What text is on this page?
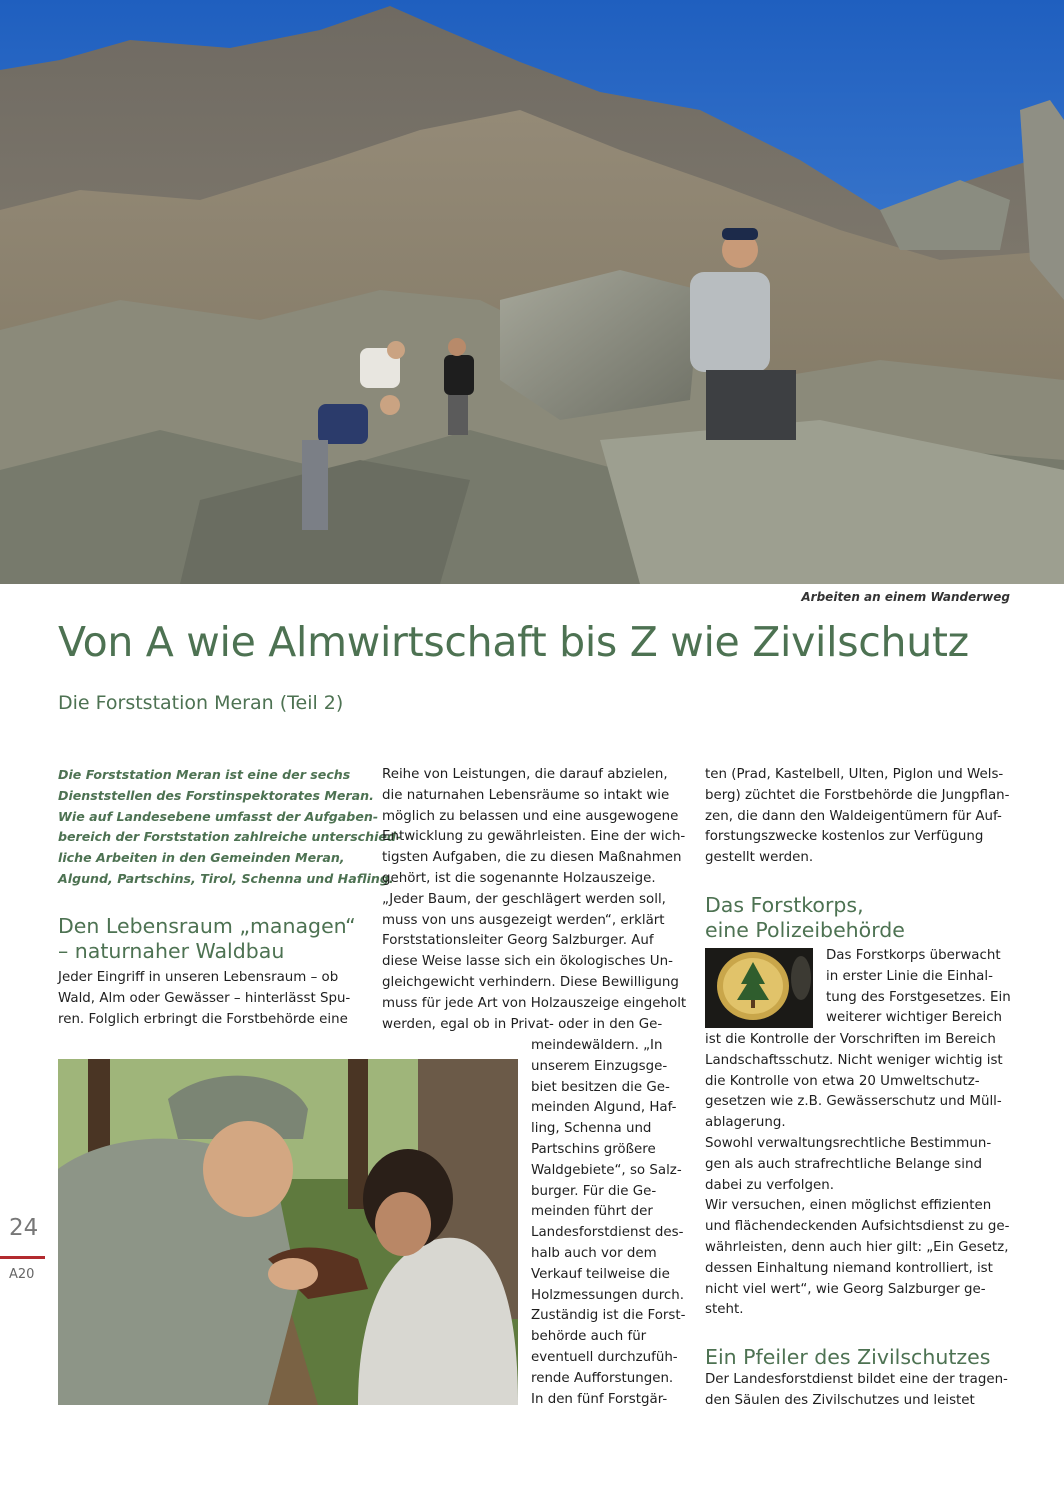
Arbeiten an einem Wanderweg
Von A wie Almwirtschaft bis Z wie Zivilschutz
Die Forststation Meran (Teil 2)
Die Forststation Meran ist eine der sechs
Dienststellen des Forstinspektorates Meran.
Wie auf Landesebene umfasst der Aufgaben-
bereich der Forststation zahlreiche unterschied-
liche Arbeiten in den Gemeinden Meran,
Algund, Partschins, Tirol, Schenna und Hafling.
Den Lebensraum „managen“
– naturnaher Waldbau
Jeder Eingriff in unseren Lebensraum – ob
Wald, Alm oder Gewässer – hinterlässt Spu-
ren. Folglich erbringt die Forstbehörde eine
Reihe von Leistungen, die darauf abzielen,
die naturnahen Lebensräume so intakt wie
möglich zu belassen und eine ausgewogene
Entwicklung zu gewährleisten. Eine der wich-
tigsten Aufgaben, die zu diesen Maßnahmen
gehört, ist die sogenannte Holzauszeige.
„Jeder Baum, der geschlägert werden soll,
muss von uns ausgezeigt werden“, erklärt
Forststationsleiter Georg Salzburger. Auf
diese Weise lasse sich ein ökologisches Un-
gleichgewicht verhindern. Diese Bewilligung
muss für jede Art von Holzauszeige eingeholt
werden, egal ob in Privat- oder in den Ge-
meindewäldern. „In
unserem Einzugsge-
biet besitzen die Ge-
meinden Algund, Haf-
ling, Schenna und
Partschins größere
Waldgebiete“, so Salz-
burger. Für die Ge-
meinden führt der
Landesforstdienst des-
halb auch vor dem
Verkauf teilweise die
Holzmessungen durch.
Zuständig ist die Forst-
behörde auch für
eventuell durchzufüh-
rende Aufforstungen.
In den fünf Forstgär-
ten (Prad, Kastelbell, Ulten, Piglon und Wels-
berg) züchtet die Forstbehörde die Jungpflan-
zen, die dann den Waldeigentümern für Auf-
forstungszwecke kostenlos zur Verfügung
gestellt werden.
Das Forstkorps,
eine Polizeibehörde
Das Forstkorps überwacht
in erster Linie die Einhal-
tung des Forstgesetzes. Ein
weiterer wichtiger Bereich
ist die Kontrolle der Vorschriften im Bereich
Landschaftsschutz. Nicht weniger wichtig ist
die Kontrolle von etwa 20 Umweltschutz-
gesetzen wie z.B. Gewässerschutz und Müll-
ablagerung.
Sowohl verwaltungsrechtliche Bestimmun-
gen als auch strafrechtliche Belange sind
dabei zu verfolgen.
Wir versuchen, einen möglichst effizienten
und flächendeckenden Aufsichtsdienst zu ge-
währleisten, denn auch hier gilt: „Ein Gesetz,
dessen Einhaltung niemand kontrolliert, ist
nicht viel wert“, wie Georg Salzburger ge-
steht.
Ein Pfeiler des Zivilschutzes
Der Landesforstdienst bildet eine der tragen-
den Säulen des Zivilschutzes und leistet
24
A20
